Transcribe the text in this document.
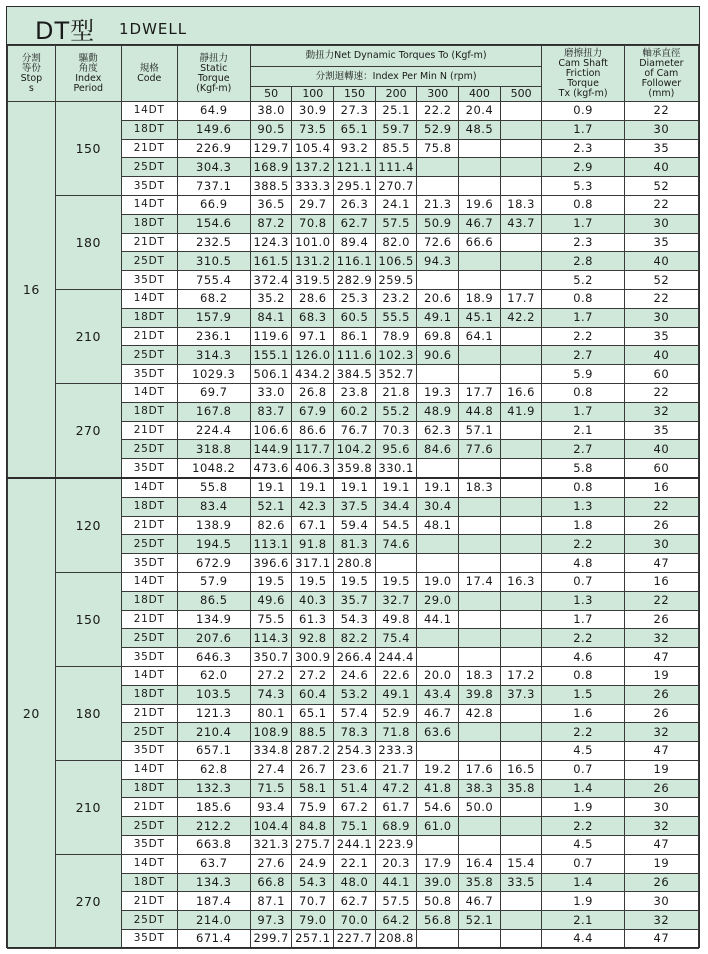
DT型 1DWELL
分割
等份
Stop
s	驅動
角度
Index
Period	規格
Code	靜扭力
Static
Torque
(Kgf-m)	動扭力Net Dynamic Torques To (Kgf-m)							磨擦扭力
Cam Shaft
Friction
Torque
Tx (kgf-m)	軸承直徑
Diameter
of Cam
Follower
(mm)
				分割迴轉速：Index Per Min N (rpm)								
				50	100	150	200	300	400	500		
16	150	14DT	64.9	38.0	30.9	27.3	25.1	22.2	20.4		0.9	22
		18DT	149.6	90.5	73.5	65.1	59.7	52.9	48.5		1.7	30
		21DT	226.9	129.7	105.4	93.2	85.5	75.8			2.3	35
		25DT	304.3	168.9	137.2	121.1	111.4				2.9	40
		35DT	737.1	388.5	333.3	295.1	270.7				5.3	52
	180	14DT	66.9	36.5	29.7	26.3	24.1	21.3	19.6	18.3	0.8	22
		18DT	154.6	87.2	70.8	62.7	57.5	50.9	46.7	43.7	1.7	30
		21DT	232.5	124.3	101.0	89.4	82.0	72.6	66.6		2.3	35
		25DT	310.5	161.5	131.2	116.1	106.5	94.3			2.8	40
		35DT	755.4	372.4	319.5	282.9	259.5				5.2	52
	210	14DT	68.2	35.2	28.6	25.3	23.2	20.6	18.9	17.7	0.8	22
		18DT	157.9	84.1	68.3	60.5	55.5	49.1	45.1	42.2	1.7	30
		21DT	236.1	119.6	97.1	86.1	78.9	69.8	64.1		2.2	35
		25DT	314.3	155.1	126.0	111.6	102.3	90.6			2.7	40
		35DT	1029.3	506.1	434.2	384.5	352.7				5.9	60
	270	14DT	69.7	33.0	26.8	23.8	21.8	19.3	17.7	16.6	0.8	22
		18DT	167.8	83.7	67.9	60.2	55.2	48.9	44.8	41.9	1.7	32
		21DT	224.4	106.6	86.6	76.7	70.3	62.3	57.1		2.1	35
		25DT	318.8	144.9	117.7	104.2	95.6	84.6	77.6		2.7	40
		35DT	1048.2	473.6	406.3	359.8	330.1				5.8	60
20	120	14DT	55.8	19.1	19.1	19.1	19.1	19.1	18.3		0.8	16
		18DT	83.4	52.1	42.3	37.5	34.4	30.4			1.3	22
		21DT	138.9	82.6	67.1	59.4	54.5	48.1			1.8	26
		25DT	194.5	113.1	91.8	81.3	74.6				2.2	30
		35DT	672.9	396.6	317.1	280.8					4.8	47
	150	14DT	57.9	19.5	19.5	19.5	19.5	19.0	17.4	16.3	0.7	16
		18DT	86.5	49.6	40.3	35.7	32.7	29.0			1.3	22
		21DT	134.9	75.5	61.3	54.3	49.8	44.1			1.7	26
		25DT	207.6	114.3	92.8	82.2	75.4				2.2	32
		35DT	646.3	350.7	300.9	266.4	244.4				4.6	47
	180	14DT	62.0	27.2	27.2	24.6	22.6	20.0	18.3	17.2	0.8	19
		18DT	103.5	74.3	60.4	53.2	49.1	43.4	39.8	37.3	1.5	26
		21DT	121.3	80.1	65.1	57.4	52.9	46.7	42.8		1.6	26
		25DT	210.4	108.9	88.5	78.3	71.8	63.6			2.2	32
		35DT	657.1	334.8	287.2	254.3	233.3				4.5	47
	210	14DT	62.8	27.4	26.7	23.6	21.7	19.2	17.6	16.5	0.7	19
		18DT	132.3	71.5	58.1	51.4	47.2	41.8	38.3	35.8	1.4	26
		21DT	185.6	93.4	75.9	67.2	61.7	54.6	50.0		1.9	30
		25DT	212.2	104.4	84.8	75.1	68.9	61.0			2.2	32
		35DT	663.8	321.3	275.7	244.1	223.9				4.5	47
	270	14DT	63.7	27.6	24.9	22.1	20.3	17.9	16.4	15.4	0.7	19
		18DT	134.3	66.8	54.3	48.0	44.1	39.0	35.8	33.5	1.4	26
		21DT	187.4	87.1	70.7	62.7	57.5	50.8	46.7		1.9	30
		25DT	214.0	97.3	79.0	70.0	64.2	56.8	52.1		2.1	32
		35DT	671.4	299.7	257.1	227.7	208.8				4.4	47
